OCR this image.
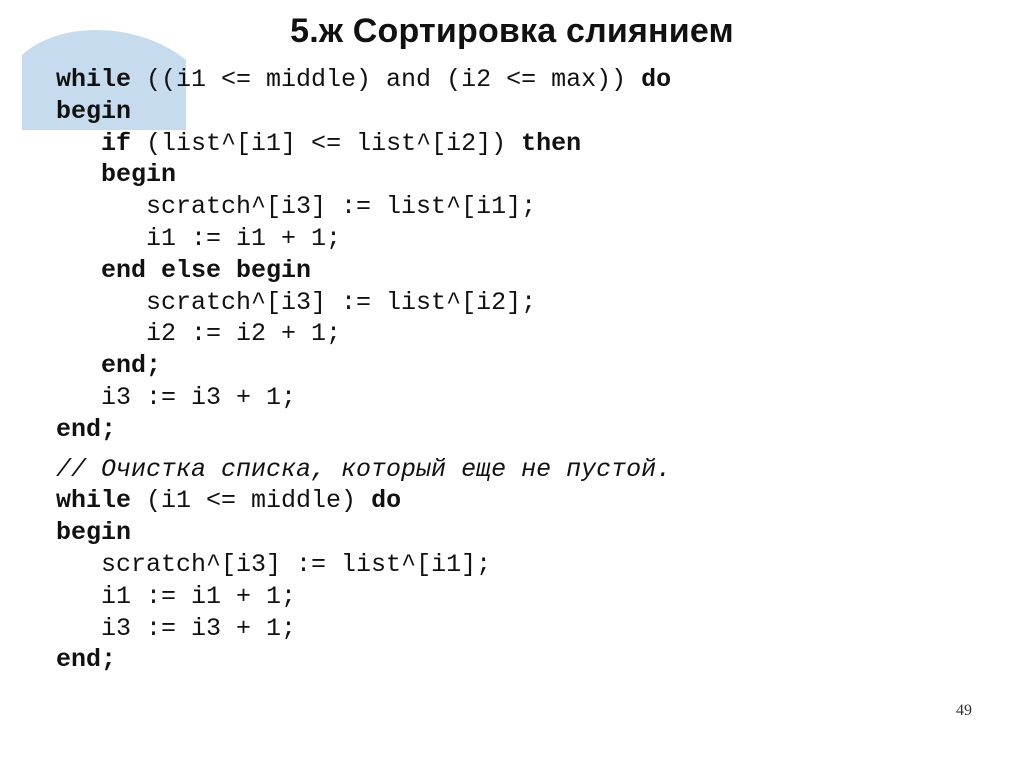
5.ж Сортировка слиянием
while ((i1 <= middle) and (i2 <= max)) do
begin
if (list^[i1] <= list^[i2]) then
begin
scratch^[i3] := list^[i1];
i1 := i1 + 1;
end else begin
scratch^[i3] := list^[i2];
i2 := i2 + 1;
end;
i3 := i3 + 1;
end;
// Очистка списка, который еще не пустой.
while (i1 <= middle) do
begin
scratch^[i3] := list^[i1];
i1 := i1 + 1;
i3 := i3 + 1;
end;
49
